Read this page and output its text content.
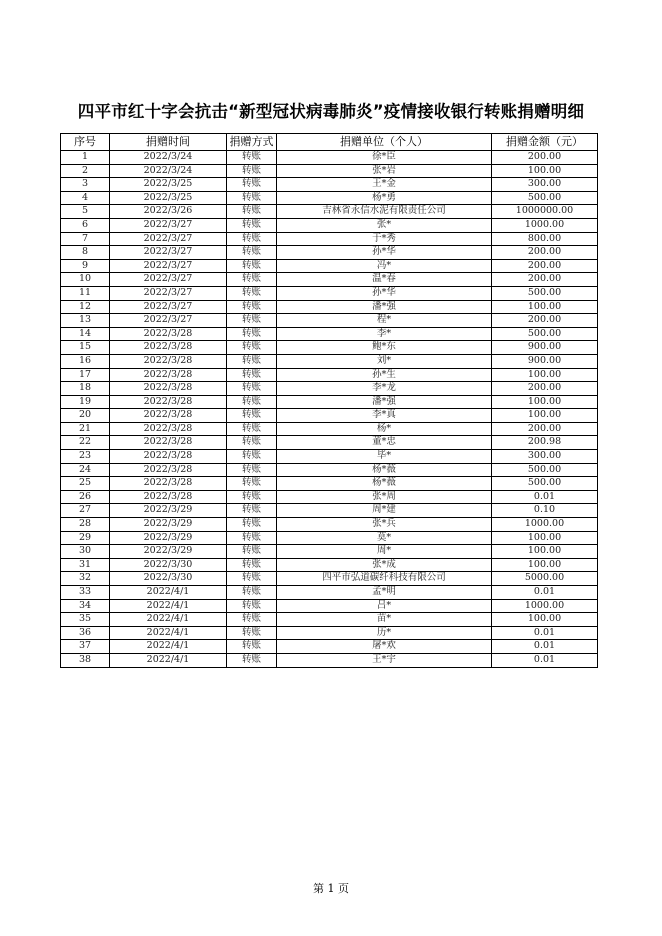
四平市红十字会抗击“新型冠状病毒肺炎”疫情接收银行转账捐赠明细
序号	捐赠时间	捐赠方式	捐赠单位（个人）	捐赠金额（元）
1	2022/3/24	转账	徐*臣	200.00
2	2022/3/24	转账	张*岩	100.00
3	2022/3/25	转账	王*金	300.00
4	2022/3/25	转账	杨*勇	500.00
5	2022/3/26	转账	吉林省永信水泥有限责任公司	1000000.00
6	2022/3/27	转账	张*	1000.00
7	2022/3/27	转账	于*秀	800.00
8	2022/3/27	转账	孙*华	200.00
9	2022/3/27	转账	冯*	200.00
10	2022/3/27	转账	温*春	200.00
11	2022/3/27	转账	孙*华	500.00
12	2022/3/27	转账	潘*强	100.00
13	2022/3/27	转账	程*	200.00
14	2022/3/28	转账	李*	500.00
15	2022/3/28	转账	鲍*东	900.00
16	2022/3/28	转账	刘*	900.00
17	2022/3/28	转账	孙*生	100.00
18	2022/3/28	转账	李*龙	200.00
19	2022/3/28	转账	潘*强	100.00
20	2022/3/28	转账	李*真	100.00
21	2022/3/28	转账	杨*	200.00
22	2022/3/28	转账	董*忠	200.98
23	2022/3/28	转账	毕*	300.00
24	2022/3/28	转账	杨*薇	500.00
25	2022/3/28	转账	杨*薇	500.00
26	2022/3/28	转账	张*周	0.01
27	2022/3/29	转账	周*建	0.10
28	2022/3/29	转账	张*兵	1000.00
29	2022/3/29	转账	莫*	100.00
30	2022/3/29	转账	周*	100.00
31	2022/3/30	转账	张*成	100.00
32	2022/3/30	转账	四平市弘道碳纤科技有限公司	5000.00
33	2022/4/1	转账	孟*明	0.01
34	2022/4/1	转账	吕*	1000.00
35	2022/4/1	转账	苗*	100.00
36	2022/4/1	转账	历*	0.01
37	2022/4/1	转账	屠*欢	0.01
38	2022/4/1	转账	王*宇	0.01
第 1 页
